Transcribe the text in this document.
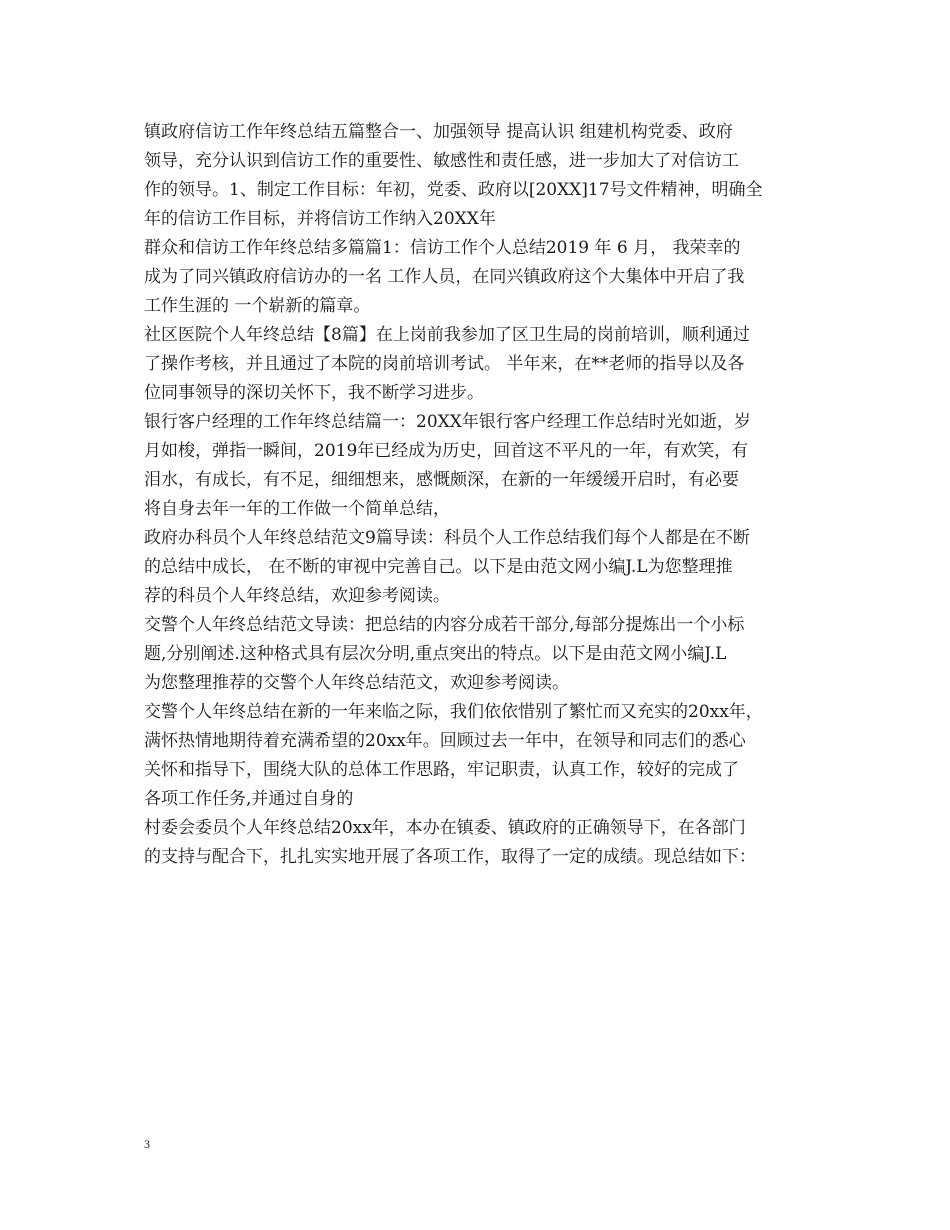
镇政府信访工作年终总结五篇整合一、加强领导 提高认识 组建机构党委、政府
领导，充分认识到信访工作的重要性、敏感性和责任感，进一步加大了对信访工
作的领导。1、制定工作目标：年初，党委、政府以[20XX]17号文件精神，明确全
年的信访工作目标，并将信访工作纳入20XX年
群众和信访工作年终总结多篇篇1：信访工作个人总结2019 年 6 月， 我荣幸的
成为了同兴镇政府信访办的一名 工作人员，在同兴镇政府这个大集体中开启了我
工作生涯的 一个崭新的篇章。
社区医院个人年终总结【8篇】在上岗前我参加了区卫生局的岗前培训，顺利通过
了操作考核，并且通过了本院的岗前培训考试。 半年来，在**老师的指导以及各
位同事领导的深切关怀下，我不断学习进步。
银行客户经理的工作年终总结篇一：20XX年银行客户经理工作总结时光如逝，岁
月如梭，弹指一瞬间，2019年已经成为历史，回首这不平凡的一年，有欢笑，有
泪水，有成长，有不足，细细想来，感慨颇深，在新的一年缓缓开启时，有必要
将自身去年一年的工作做一个简单总结，
政府办科员个人年终总结范文9篇导读：科员个人工作总结我们每个人都是在不断
的总结中成长， 在不断的审视中完善自己。以下是由范文网小编J.L为您整理推
荐的科员个人年终总结，欢迎参考阅读。
交警个人年终总结范文导读：把总结的内容分成若干部分,每部分提炼出一个小标
题,分别阐述.这种格式具有层次分明,重点突出的特点。以下是由范文网小编J.L
为您整理推荐的交警个人年终总结范文，欢迎参考阅读。
交警个人年终总结在新的一年来临之际，我们依依惜别了繁忙而又充实的20xx年，
满怀热情地期待着充满希望的20xx年。回顾过去一年中，在领导和同志们的悉心
关怀和指导下，围绕大队的总体工作思路，牢记职责，认真工作，较好的完成了
各项工作任务,并通过自身的
村委会委员个人年终总结20xx年，本办在镇委、镇政府的正确领导下，在各部门
的支持与配合下，扎扎实实地开展了各项工作，取得了一定的成绩。现总结如下：
3
